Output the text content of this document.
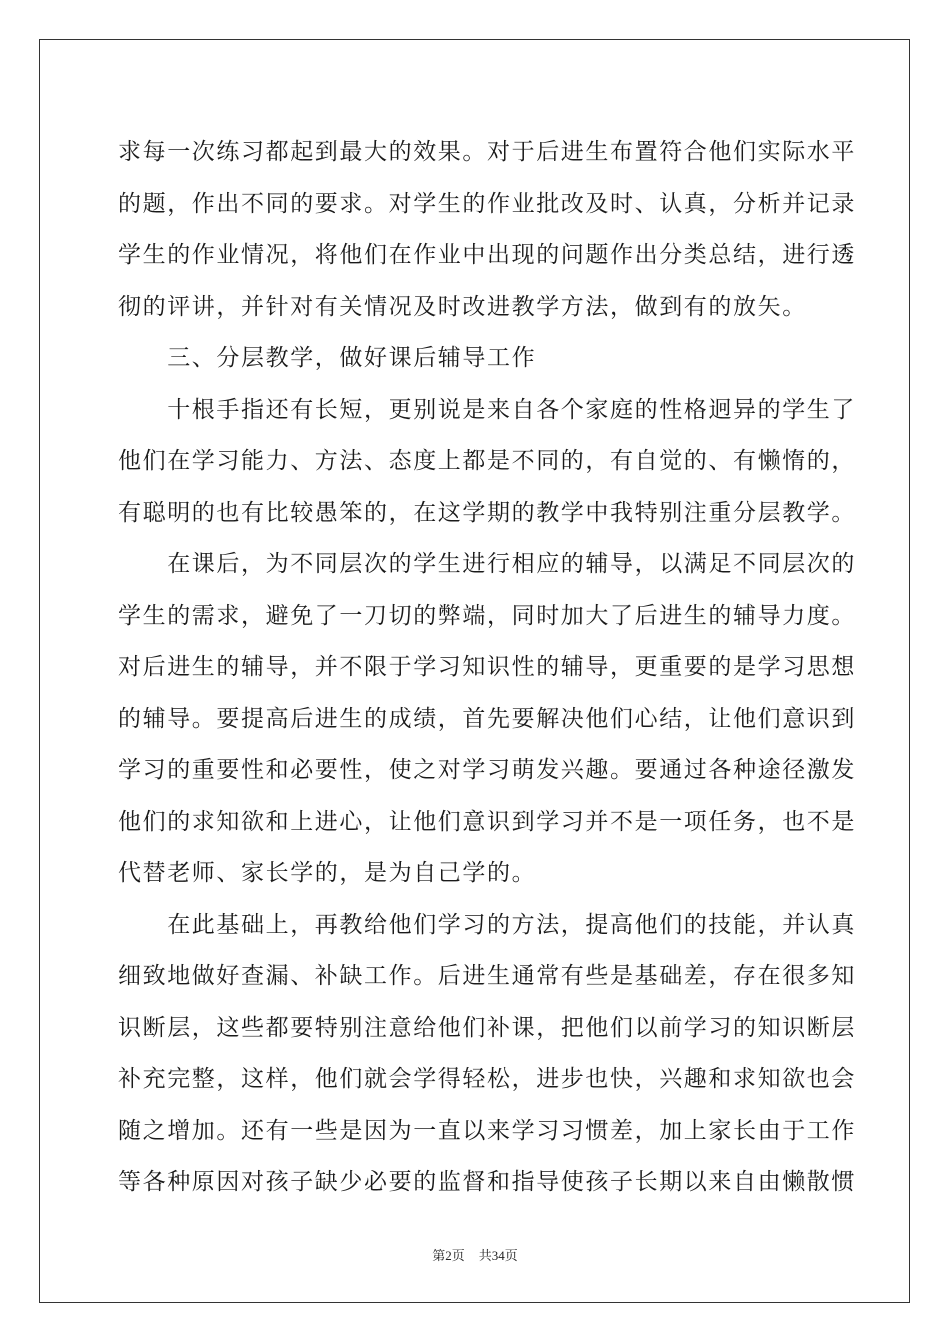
求每一次练习都起到最大的效果。对于后进生布置符合他们实际水平
的题，作出不同的要求。对学生的作业批改及时、认真，分析并记录
学生的作业情况，将他们在作业中出现的问题作出分类总结，进行透
彻的评讲，并针对有关情况及时改进教学方法，做到有的放矢。
　　三、分层教学，做好课后辅导工作
　　十根手指还有长短，更别说是来自各个家庭的性格迥异的学生了
他们在学习能力、方法、态度上都是不同的，有自觉的、有懒惰的，
有聪明的也有比较愚笨的，在这学期的教学中我特别注重分层教学。
　　在课后，为不同层次的学生进行相应的辅导，以满足不同层次的
学生的需求，避免了一刀切的弊端，同时加大了后进生的辅导力度。
对后进生的辅导，并不限于学习知识性的辅导，更重要的是学习思想
的辅导。要提高后进生的成绩，首先要解决他们心结，让他们意识到
学习的重要性和必要性，使之对学习萌发兴趣。要通过各种途径激发
他们的求知欲和上进心，让他们意识到学习并不是一项任务，也不是
代替老师、家长学的，是为自己学的。
　　在此基础上，再教给他们学习的方法，提高他们的技能，并认真
细致地做好查漏、补缺工作。后进生通常有些是基础差，存在很多知
识断层，这些都要特别注意给他们补课，把他们以前学习的知识断层
补充完整，这样，他们就会学得轻松，进步也快，兴趣和求知欲也会
随之增加。还有一些是因为一直以来学习习惯差，加上家长由于工作
等各种原因对孩子缺少必要的监督和指导使孩子长期以来自由懒散惯
第2页 共34页
